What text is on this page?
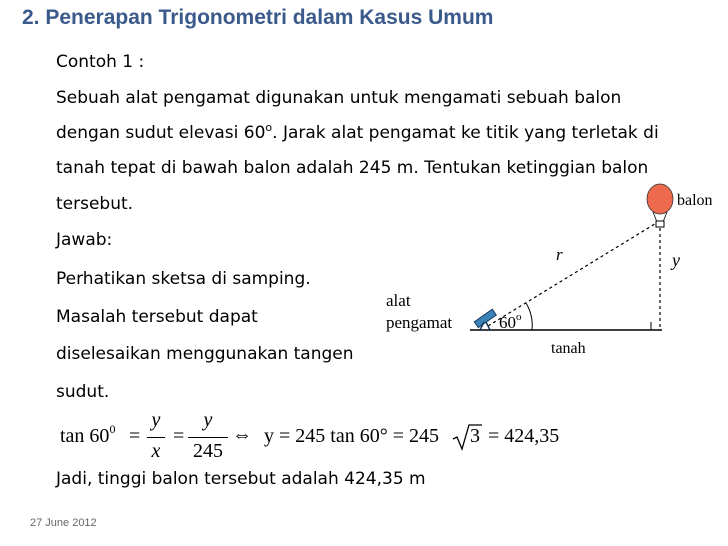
2. Penerapan Trigonometri dalam Kasus Umum
Contoh 1 :
Sebuah alat pengamat digunakan untuk mengamati sebuah balon
dengan sudut elevasi 60$^o$. Jarak alat pengamat ke titik yang terletak di
tanah tepat di bawah balon adalah 245 m. Tentukan ketinggian balon
tersebut.
Jawab:
Perhatikan sketsa di samping.
Masalah tersebut dapat
diselesaikan menggunakan tangen
sudut.
$\tan 60^0$ =
y
x
=
y
245
⇔ y = 245 tan 60° = 245 3 = 424,35
Jadi, tinggi balon tersebut adalah 424,35 m
27 June 2012
balon
r	y
alat
pengamat	60$^o$
tanah
